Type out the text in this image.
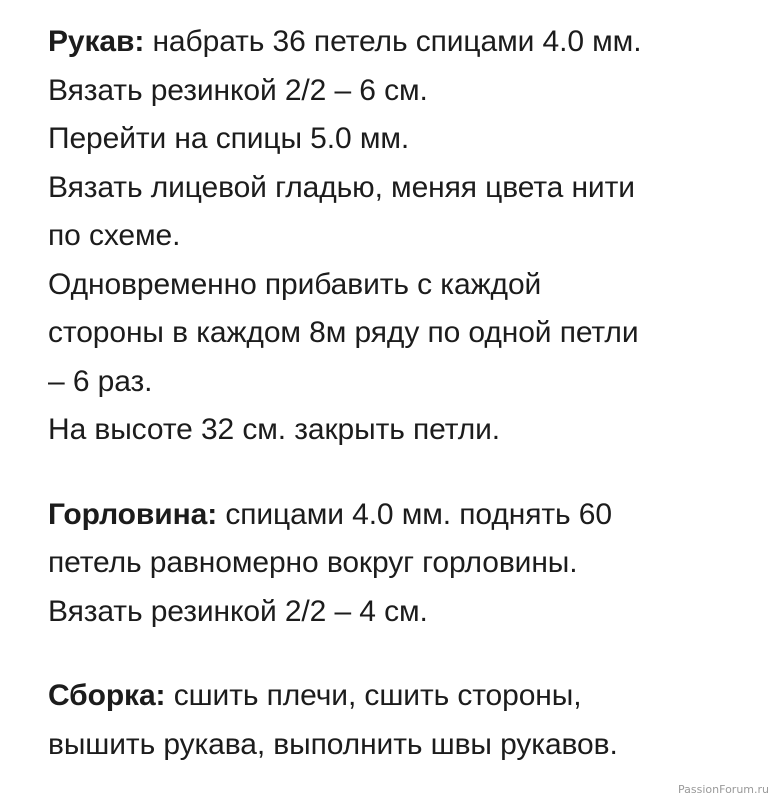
Рукав: набрать 36 петель спицами 4.0 мм.
Вязать резинкой 2/2 – 6 см.
Перейти на спицы 5.0 мм.
Вязать лицевой гладью, меняя цвета нити
по схеме.
Одновременно прибавить с каждой
стороны в каждом 8м ряду по одной петли
– 6 раз.
На высоте 32 см. закрыть петли.
Горловина: спицами 4.0 мм. поднять 60
петель равномерно вокруг горловины.
Вязать резинкой 2/2 – 4 см.
Сборка: сшить плечи, сшить стороны,
вышить рукава, выполнить швы рукавов.
PassionForum.ru
